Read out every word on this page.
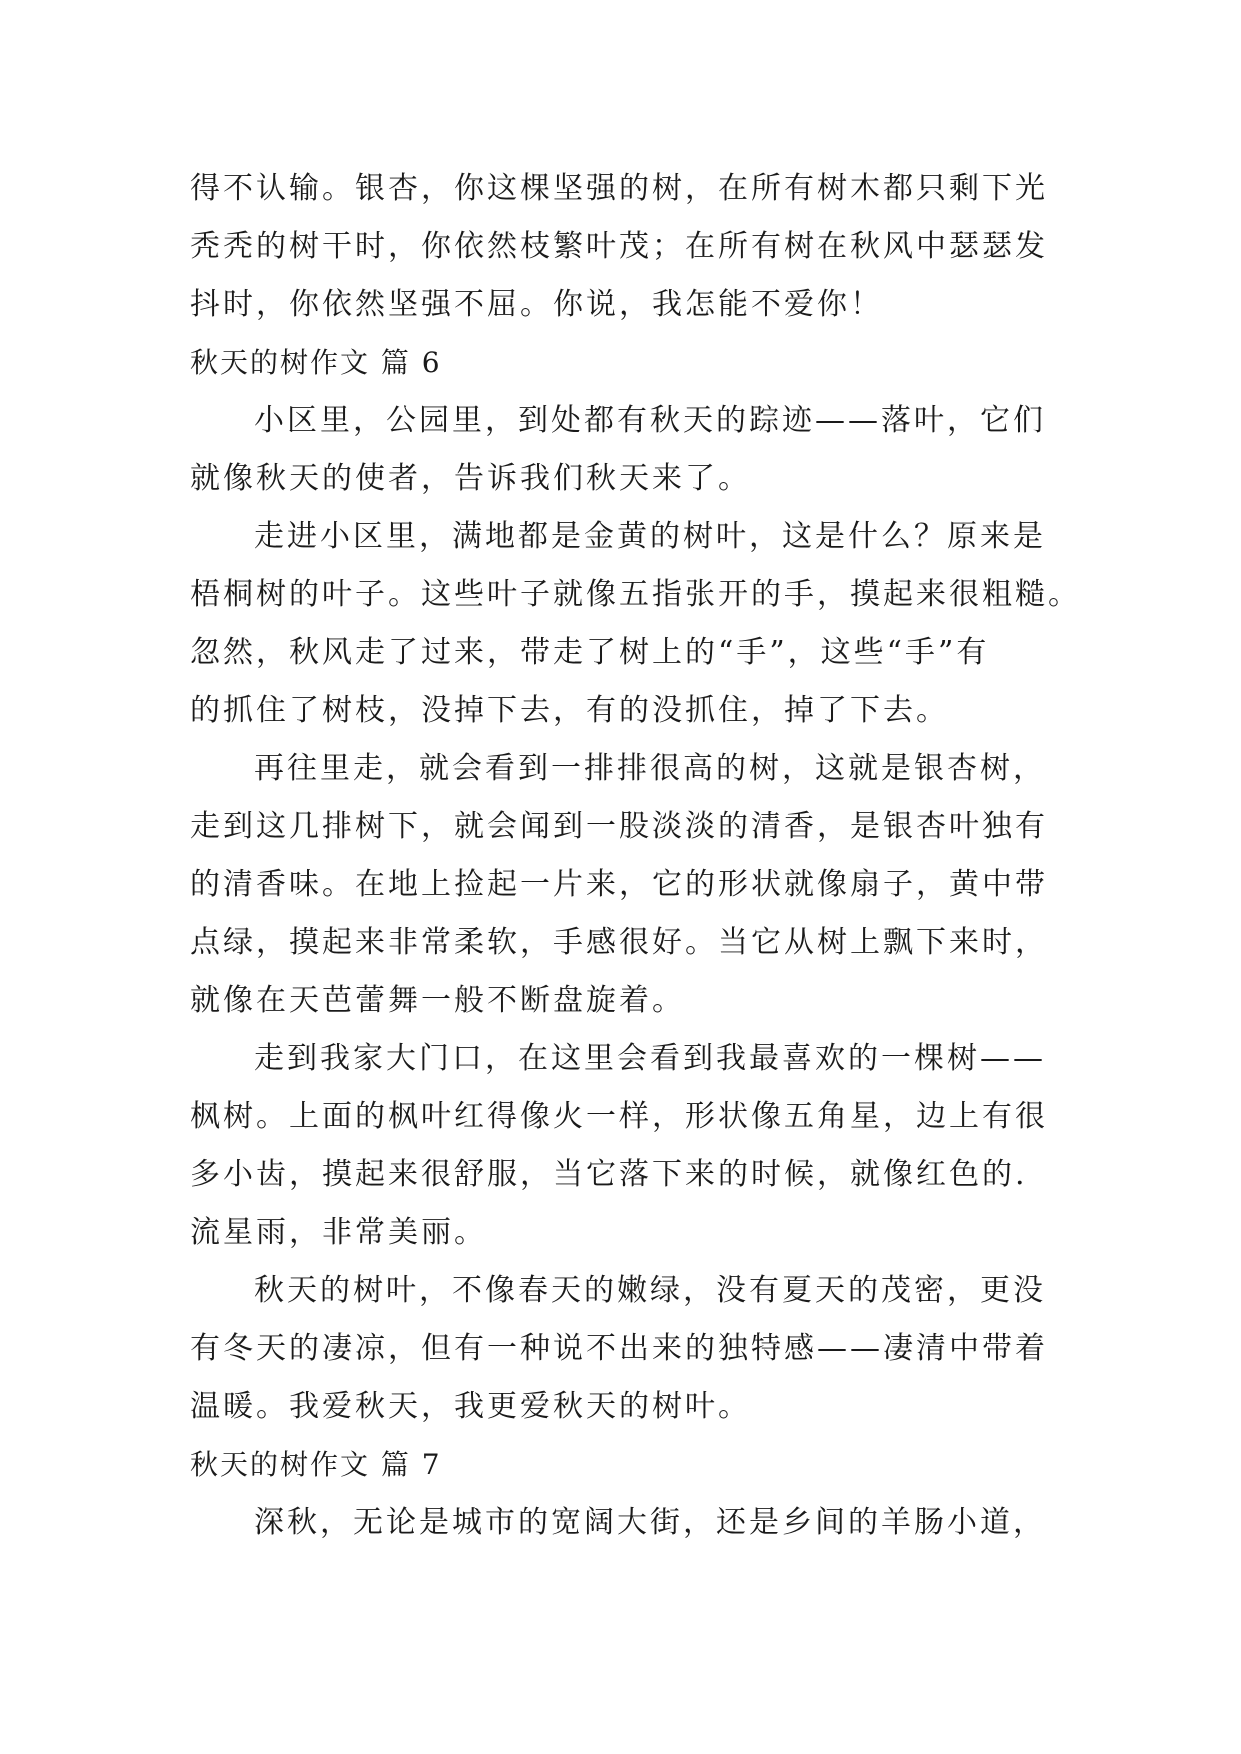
得不认输。银杏，你这棵坚强的树，在所有树木都只剩下光
秃秃的树干时，你依然枝繁叶茂；在所有树在秋风中瑟瑟发
抖时，你依然坚强不屈。你说，我怎能不爱你！
秋天的树作文 篇 6
小区里，公园里，到处都有秋天的踪迹——落叶，它们
就像秋天的使者，告诉我们秋天来了。
走进小区里，满地都是金黄的树叶，这是什么？原来是
梧桐树的叶子。这些叶子就像五指张开的手，摸起来很粗糙。
忽然，秋风走了过来，带走了树上的“手”，这些“手”有
的抓住了树枝，没掉下去，有的没抓住，掉了下去。
再往里走，就会看到一排排很高的树，这就是银杏树，
走到这几排树下，就会闻到一股淡淡的清香，是银杏叶独有
的清香味。在地上捡起一片来，它的形状就像扇子，黄中带
点绿，摸起来非常柔软，手感很好。当它从树上飘下来时，
就像在天芭蕾舞一般不断盘旋着。
走到我家大门口，在这里会看到我最喜欢的一棵树——
枫树。上面的枫叶红得像火一样，形状像五角星，边上有很
多小齿，摸起来很舒服，当它落下来的时候，就像红色的.
流星雨，非常美丽。
秋天的树叶，不像春天的嫩绿，没有夏天的茂密，更没
有冬天的凄凉，但有一种说不出来的独特感——凄清中带着
温暖。我爱秋天，我更爱秋天的树叶。
秋天的树作文 篇 7
深秋，无论是城市的宽阔大街，还是乡间的羊肠小道，
